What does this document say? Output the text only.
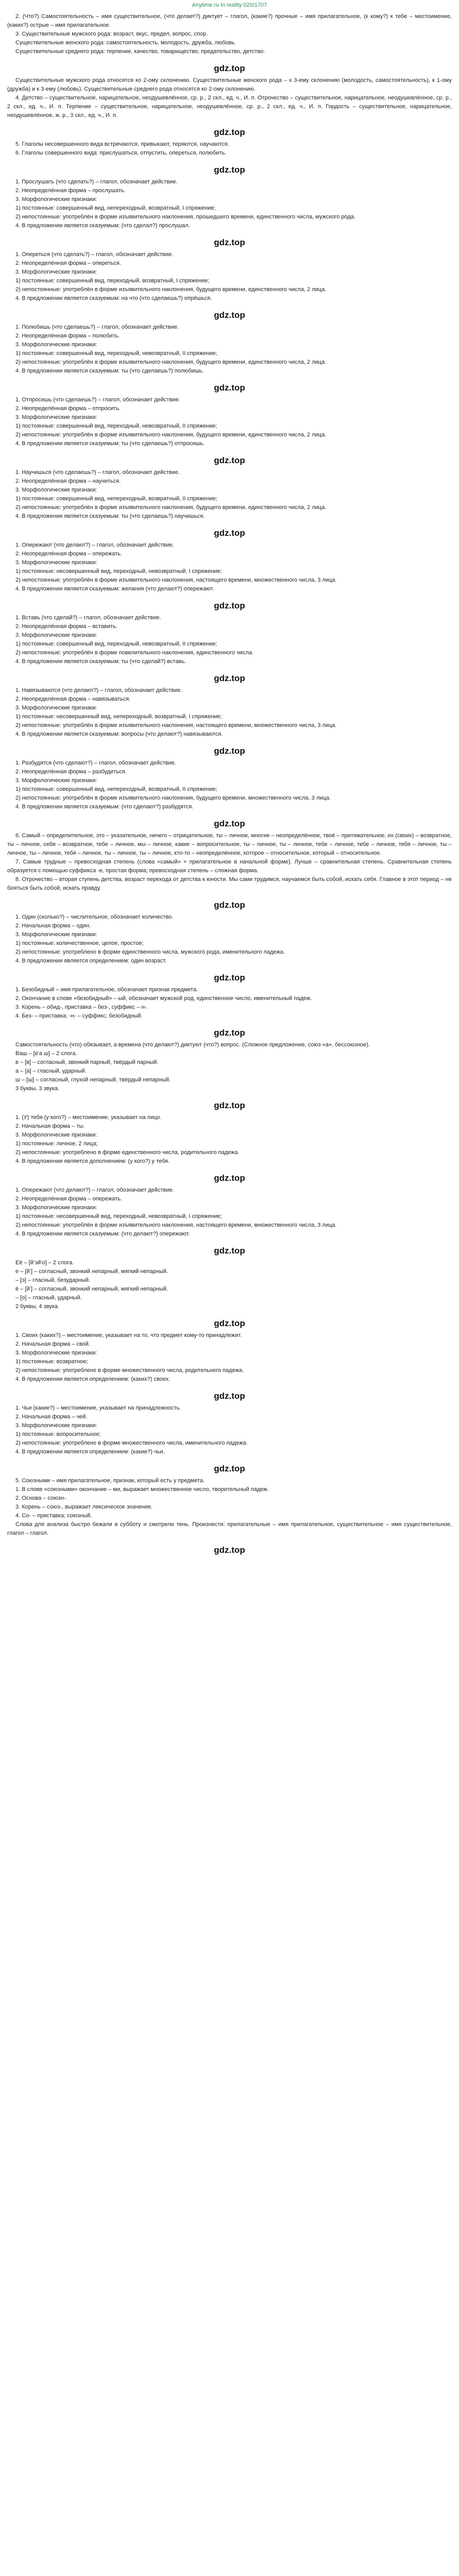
Anytime.ru in reality 020/1707

2. (Что?) Самостоятельность – имя существительное, (что делает?) диктует – глагол, (какие?) прочные – имя прилагательное, (к кому?) к тебе – местоимение, (каких?) острые – имя прилагательное.

3. Существительные мужского рода: возраст, вкус, предел, вопрос, спор.

Существительные женского рода: самостоятельность, молодость, дружба, любовь.

Существительные среднего рода: терпение, качество, товарищество, предательство, детство.

gdz.top

Существительные мужского рода относятся ко 2-ому склонению. Существительные женского рода – к 3-ему склонению (молодость, самостоятельность), к 1-ому (дружба) и к 3-ему (любовь). Существительные среднего рода относятся ко 2-ому склонению.

4. Детство – существительное, нарицательное, неодушевлённое, ср. р., 2 скл., ед. ч., И. п. Отрочество – существительное, нарицательное, неодушевлённое, ср. р., 2 скл., ед. ч., И. п. Терпение – существительное, нарицательное, неодушевлённое, ср. р., 2 скл., ед. ч., И. п. Гордость – существительное, нарицательное, неодушевлённое, ж. р., 3 скл., ед. ч., И. п.

gdz.top

5. Глаголы несовершенного вида встречаются, привыкают, теряются, научаются.

6. Глаголы совершенного вида: прислушаться, отпустить, опереться, полюбить.

gdz.top

1. Прослушать (что сделать?) – глагол, обозначает действие.

2. Неопределённая форма – прослушать.

3. Морфологические признаки:

1) постоянные: совершенный вид, непереходный, возвратный, I спряжение;

2) непостоянные: употреблён в форме изъявительного наклонения, прошедшего времени, единственного числа, мужского рода.

4. В предложении является сказуемым: (что сделал?) прослушал.

gdz.top

1. Опереться (что сделать?) – глагол, обозначает действие.

2. Неопределённая форма – опереться.

3. Морфологические признаки:

1) постоянные: совершенный вид, переходный, возвратный, I спряжение;

2) непостоянные: употреблён в форме изъявительного наклонения, будущего времени, единственного числа, 2 лица.

4. В предложении является сказуемым: на что (что сделаешь?) опрёшься.

gdz.top

1. Полюбишь (что сделаешь?) – глагол, обозначает действие.

2. Неопределённая форма – полюбить.

3. Морфологические признаки:

1) постоянные: совершенный вид, переходный, невозвратный, II спряжение;

2) непостоянные: употреблён в форме изъявительного наклонения, будущего времени, единственного числа, 2 лица.

4. В предложении является сказуемым: ты (что сделаешь?) полюбишь.

gdz.top

1. Отпросишь (что сделаешь?) – глагол, обозначает действие.

2. Неопределённая форма – отпросить.

3. Морфологические признаки:

1) постоянные: совершенный вид, переходный, невозвратный, II спряжение;

2) непостоянные: употреблён в форме изъявительного наклонения, будущего времени, единственного числа, 2 лица.

4. В предложении является сказуемым: ты (что сделаешь?) отпросишь.

gdz.top

1. Научишься (что сделаешь?) – глагол, обозначает действие.

2. Неопределённая форма – научиться.

3. Морфологические признаки:

1) постоянные: совершенный вид, непереходный, возвратный, II спряжение;

2) непостоянные: употреблён в форме изъявительного наклонения, будущего времени, единственного числа, 2 лица.

4. В предложении является сказуемым: ты (что сделаешь?) научишься.

gdz.top

1. Опережают (что делают?) – глагол, обозначает действие.

2. Неопределённая форма – опережать.

3. Морфологические признаки:

1) постоянные: несовершенный вид, переходный, невозвратный, I спряжение;

2) непостоянные: употреблён в форме изъявительного наклонения, настоящего времени, множественного числа, 3 лица.

4. В предложении является сказуемым: желания (что делают?) опережают.

gdz.top

1. Вставь (что сделай?) – глагол, обозначает действие.

2. Неопределённая форма – вставить.

3. Морфологические признаки:

1) постоянные: совершенный вид, переходный, невозвратный, II спряжение;

2) непостоянные: употреблён в форме повелительного наклонения, единственного числа.

4. В предложении является сказуемым: ты (что сделай?) вставь.

gdz.top

1. Навязываются (что делают?) – глагол, обозначает действие.

2. Неопределённая форма – навязываться.

3. Морфологические признаки:

1) постоянные: несовершенный вид, непереходный, возвратный, I спряжение;

2) непостоянные: употреблён в форме изъявительного наклонения, настоящего времени, множественного числа, 3 лица.

4. В предложении является сказуемым: вопросы (что делают?) навязываются.

gdz.top

1. Разбудятся (что сделают?) – глагол, обозначает действие.

2. Неопределённая форма – разбудиться.

3. Морфологические признаки:

1) постоянные: совершенный вид, непереходный, возвратный, II спряжение;

2) непостоянные: употреблён в форме изъявительного наклонения, будущего времени, множественного числа, 3 лица.

4. В предложении является сказуемым: (что сделают?) разбудятся.

gdz.top

6. Самый – определительное, это – указательное, ничего – отрицательное, ты – личное, многие – неопределённое, твоё – притяжательное, их (своих) – возвратное, ты – личное, себя – возвратное, тебе – личное, мы – личное, какие – вопросительное, ты – личное, ты – личное, тебе – личное, тебе – личное, тебя – личное, ты – личное, ты – личное, тебя – личное, ты – личное, ты – личное, кто-то – неопределённое, которое – относительное, который – относительное.

7. Самые трудные – превосходная степень (слова «самый» + прилагательное в начальной форме). Лучше – сравнительная степень. Сравнительная степень образуется с помощью суффикса -е, простая форма; превосходная степень – сложная форма.

8. Отрочество – вторая ступень детства, возраст перехода от детства к юности. Мы сами трудимся, научаемся быть собой, искать себя. Главное в этот период – не бояться быть собой, искать правду.

gdz.top

1. Один (сколько?) – числительное, обозначает количество.

2. Начальная форма – один.

3. Морфологические признаки:

1) постоянные: количественное, целое, простое;

2) непостоянные: употреблено в форме единственного числа, мужского рода, именительного падежа.

4. В предложении является определением: один возраст.

gdz.top

1. Безобидный – имя прилагательное, обозначает признак предмета.

2. Окончание в слове «безобидный» – ый, обозначает мужской род, единственное число, именительный падеж.

3. Корень – обид-, приставка – без-, суффикс – н-.

4. Без- – приставка; -н- – суффикс; безобидный.

gdz.top

Самостоятельность (что) обязывает, а времена (что делают?) диктуют (что?) вопрос. (Сложное предложение, союз «а», бессоюзное).

Ваш – [в’а ш] – 2 слога.

в – [в] – согласный, звонкий парный, твёрдый парный.

а – [а] – гласный, ударный.

ш – [ш] – согласный, глухой непарный, твёрдый непарный.

3 буквы, 3 звука.

gdz.top

1. (У) тебя (у кого?) – местоимение, указывает на лицо.

2. Начальная форма – ты.

3. Морфологические признаки:

1) постоянные: личное, 2 лица;

2) непостоянные: употреблено в форме единственного числа, родительного падежа.

4. В предложении является дополнением: (у кого?) у тебя.

gdz.top

1. Опережают (что делают?) – глагол, обозначает действие.

2. Неопределённая форма – опережать.

3. Морфологические признаки:

1) постоянные: несовершенный вид, переходный, невозвратный, I спряжение;

2) непостоянные: употреблён в форме изъявительного наклонения, настоящего времени, множественного числа, 3 лица.

4. В предложении является сказуемым: (что делают?) опережают.

gdz.top

Её – [й’эй’о] – 2 слога.

е – [й’] – согласный, звонкий непарный, мягкий непарный.

– [э] – гласный, безударный.

ё – [й’] – согласный, звонкий непарный, мягкий непарный.

– [о] – гласный, ударный.

2 буквы, 4 звука.

gdz.top

1. Своих (каких?) – местоимение, указывает на то, что предмет кому-то принадлежит.

2. Начальная форма – свой.

3. Морфологические признаки:

1) постоянные: возвратное;

2) непостоянные: употреблено в форме множественного числа, родительного падежа.

4. В предложении является определением: (каких?) своих.

gdz.top

1. Чьи (какие?) – местоимение, указывает на принадлежность.

2. Начальная форма – чей.

3. Морфологические признаки:

1) постоянные: вопросительное;

2) непостоянные: употреблено в форме множественного числа, именительного падежа.

4. В предложении является определением: (какие?) чьи.

gdz.top

5. Союзными – имя прилагательное, признак, который есть у предмета.

1. В слове «союзными» окончание – ми, выражает множественное число, творительный падеж.

2. Основа – союзн-.

3. Корень – союз-, выражает лексическое значение.

4. Со- – приставка; союзный.

Слова для анализа быстро бежали в субботу и смотрели тень. Произнести: прилагательные – имя прилагательное, существительное – имя существительное, глагол – глагол.

gdz.top
